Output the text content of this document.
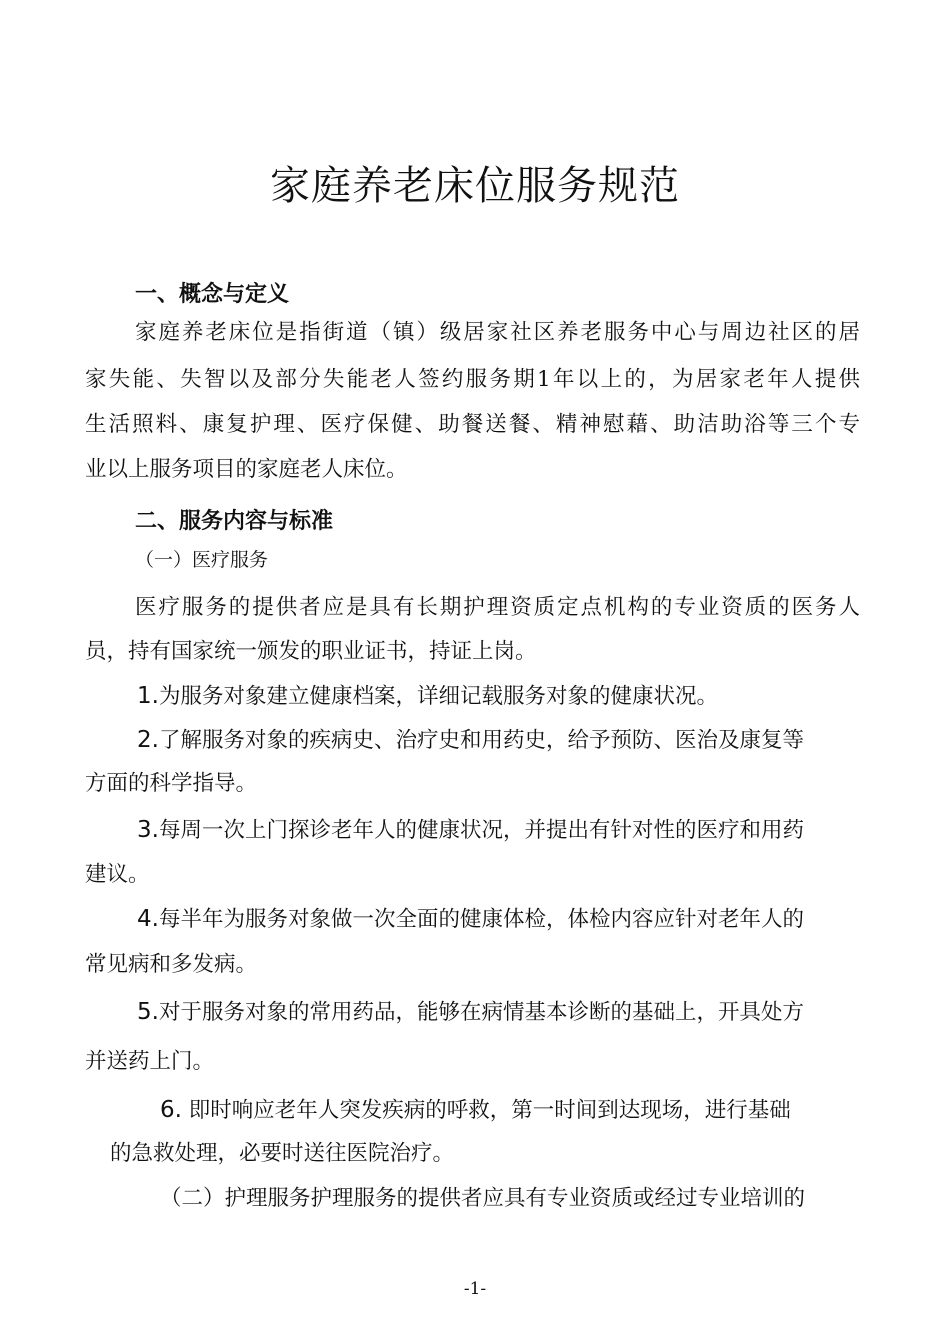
家庭养老床位服务规范
一、概念与定义
家庭养老床位是指街道（镇）级居家社区养老服务中心与周边社区的居
家失能、失智以及部分失能老人签约服务期1年以上的，为居家老年人提供
生活照料、康复护理、医疗保健、助餐送餐、精神慰藉、助洁助浴等三个专
业以上服务项目的家庭老人床位。
二、服务内容与标准
（一）医疗服务
医疗服务的提供者应是具有长期护理资质定点机构的专业资质的医务人
员，持有国家统一颁发的职业证书，持证上岗。
1.为服务对象建立健康档案，详细记载服务对象的健康状况。
2.了解服务对象的疾病史、治疗史和用药史，给予预防、医治及康复等
方面的科学指导。
3.每周一次上门探诊老年人的健康状况，并提出有针对性的医疗和用药
建议。
4.每半年为服务对象做一次全面的健康体检，体检内容应针对老年人的
常见病和多发病。
5.对于服务对象的常用药品，能够在病情基本诊断的基础上，开具处方
并送药上门。
6. 即时响应老年人突发疾病的呼救，第一时间到达现场，进行基础
的急救处理，必要时送往医院治疗。
（二）护理服务护理服务的提供者应具有专业资质或经过专业培训的
-1-
